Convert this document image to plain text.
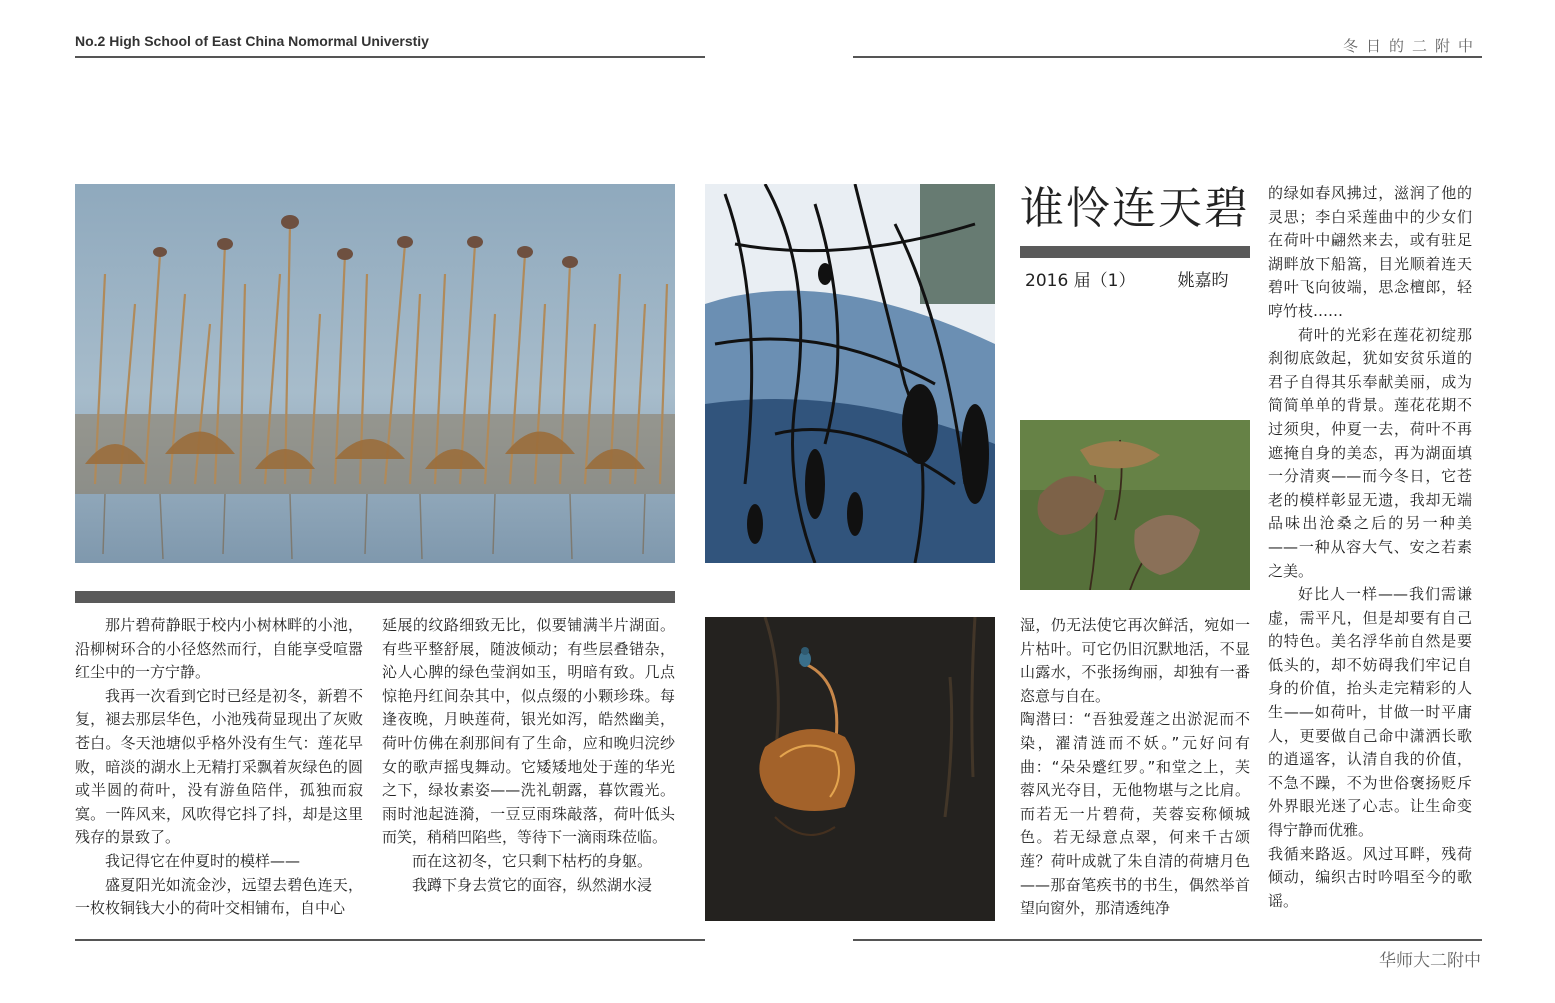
No.2 High School of East China Nomormal Universtiy	冬日的二附中
谁怜连天碧
2016 届（1） 姚嘉昀

那片碧荷静眠于校内小树林畔的小池，沿柳树环合的小径悠然而行，自能享受喧嚣红尘中的一方宁静。

我再一次看到它时已经是初冬，新碧不复，褪去那层华色，小池残荷显现出了灰败苍白。冬天池塘似乎格外没有生气：莲花早败，暗淡的湖水上无精打采飘着灰绿色的圆或半圆的荷叶，没有游鱼陪伴，孤独而寂寞。一阵风来，风吹得它抖了抖，却是这里残存的景致了。

我记得它在仲夏时的模样——

盛夏阳光如流金沙，远望去碧色连天，一枚枚铜钱大小的荷叶交相铺布，自中心

延展的纹路细致无比，似要铺满半片湖面。有些平整舒展，随波倾动；有些层叠错杂，沁人心脾的绿色莹润如玉，明暗有致。几点惊艳丹红间杂其中，似点缀的小颗珍珠。每逢夜晚，月映莲荷，银光如泻，皓然幽美，荷叶仿佛在刹那间有了生命，应和晚归浣纱女的歌声摇曳舞动。它矮矮地处于莲的华光之下，绿妆素姿——洗礼朝露，暮饮霞光。雨时池起涟漪，一豆豆雨珠敲落，荷叶低头而笑，稍稍凹陷些，等待下一滴雨珠莅临。

而在这初冬，它只剩下枯朽的身躯。

我蹲下身去赏它的面容，纵然湖水浸

湿，仍无法使它再次鲜活，宛如一片枯叶。可它仍旧沉默地活，不显山露水，不张扬绚丽，却独有一番恣意与自在。

陶潜曰：“吾独爱莲之出淤泥而不染，濯清涟而不妖。”元好问有曲：“朵朵蹙红罗。”和堂之上，芙蓉风光夺目，无他物堪与之比肩。而若无一片碧荷，芙蓉妄称倾城色。若无绿意点翠，何来千古颂莲？荷叶成就了朱自清的荷塘月色——那奋笔疾书的书生，偶然举首望向窗外，那清透纯净

的绿如春风拂过，滋润了他的灵思；李白采莲曲中的少女们在荷叶中翩然来去，或有驻足湖畔放下船篙，目光顺着连天碧叶飞向彼端，思念檀郎，轻哼竹枝……

荷叶的光彩在莲花初绽那刹彻底敛起，犹如安贫乐道的君子自得其乐奉献美丽，成为简简单单的背景。莲花花期不过须臾，仲夏一去，荷叶不再遮掩自身的美态，再为湖面填一分清爽——而今冬日，它苍老的模样彰显无遗，我却无端品味出沧桑之后的另一种美——一种从容大气、安之若素之美。

好比人一样——我们需谦虚，需平凡，但是却要有自己的特色。美名浮华前自然是要低头的，却不妨碍我们牢记自身的价值，抬头走完精彩的人生——如荷叶，甘做一时平庸人，更要做自己命中潇洒长歌的逍遥客，认清自我的价值，不急不躁，不为世俗褒扬贬斥外界眼光迷了心志。让生命变得宁静而优雅。

我循来路返。风过耳畔，残荷倾动，编织古时吟唱至今的歌谣。

华师大二附中
